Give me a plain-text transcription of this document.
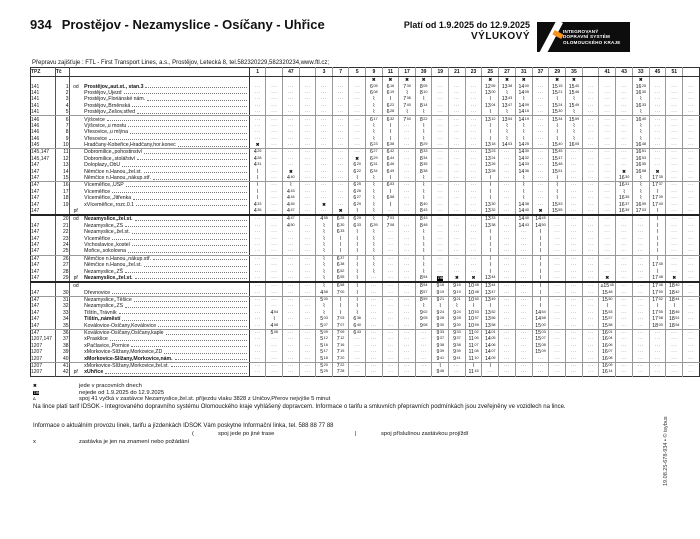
934 Prostějov - Nezamyslice - Osíčany - Uhřice	Platí od 1.9.2025 do 12.9.2025
VÝLUKOVÝ	INTEGROVANÝ
DOPRAVNÍ SYSTÉM
OLOMOUCKÉHO KRAJE
Přepravu zajišťuje : FTL - First Transport Lines, a.s., Prostějov, Letecká 8, tel.582320229,582320234,www.ftl.cz;
TPZ	Tč			1		47		3	7	5	9	11	17	39	19	21	23	25	27	31	37	29	35		41	43	33	45	51	
											✖	✖	✖	✖				✖	✖	✖		✖	✖				✖			
141	1	od	Prostějov,,aut.st., stan.3	···	···	···	···	···	···	···	$6^{05}$	$6^{16}$	$7^{30}$	$8^{05}$	···	···	···	$12^{55}$	$13^{38}$	$14^{00}$	···	$15^{15}$	$15^{40}$	···	···	···	$16^{25}$	···	···	···
141	2		Prostějov,,Újezd	···	···	···	···	···	···	···	$6^{08}$	$6^{19}$	⌇	$8^{10}$	···	···	···	$13^{00}$	⌇	$14^{05}$	···	$15^{21}$	$15^{46}$	···	···	···	$16^{30}$	···	···	···
141	3		Prostějov,,Floriánské nám.	···	···	···	···	···	···	···	⌇	⌇	$7^{36}$	⌇	···	···	···	⌇	$13^{43}$	⌇	···	⌇	⌇	···	···	···	⌇	···	···	···
141	4		Prostějov,,Brněnská	···	···	···	···	···	···	···	⌇	$6^{22}$	$7^{40}$	$8^{14}$	···	···	···	$13^{04}$	$13^{47}$	$14^{09}$	···	$15^{24}$	$15^{49}$	···	···	···	$16^{33}$	···	···	···
141	5		Prostějov,,Žešov,střed	···	···	···	···	···	···	···	⌇	$6^{28}$	⌇	⌇	···	···	···	⌇	⌇	$14^{15}$	···	$15^{30}$	⌇	···	···	···	⌇	···	···	···
146	6		Výšovice	···	···	···	···	···	···	···	$6^{17}$	$6^{32}$	$7^{50}$	$8^{22}$	···	···	···	$13^{12}$	$13^{54}$	$14^{19}$	···	$15^{34}$	$15^{59}$	···	···	···	$16^{40}$	···	···	···
146	7		Výšovice,,u mostu	···	···	···	···	···	···	···	⌇	⌇	···	⌇	···	···	···	⌇	⌇	⌇	···	⌇	⌇	···	···	···	⌇	···	···	···
146	8		Vřesovice,,u mlýna	···	···	···	···	···	···	···	⌇	⌇	···	⌇	···	···	···	⌇	⌇	⌇	···	⌇	⌇	···	···	···	⌇	···	···	···
146	9		Vřesovice	···	···	···	···	···	···	···	⌇	⌇	···	⌇	···	···	···	⌇	⌇	⌇	···	⌇	⌇	···	···	···	⌇	···	···	···
145	10		Hradčany-Kobeřice,Hradčany,hor.konec	✖	···	···	···	···	···	···	$6^{23}$	$6^{38}$	···	$8^{29}$	···	···	···	$13^{18}$	$14^{03}$	$14^{25}$	···	$15^{40}$	$16^{05}$	···	···	···	$16^{48}$	···	···	···
145,147	11		Dobromilice,,pohostinství	$4^{25}$	···	···	···	···	···	···	$6^{27}$	$6^{42}$	···	$8^{33}$	···	···	···	$13^{23}$	···	$14^{30}$	···	$15^{45}$	···	···	···	···	$16^{51}$	···	···	···
145,147	12		Dobromilice,,stolářství	$4^{28}$	···	···	···	···	···	✖	$6^{29}$	$6^{44}$	···	$8^{34}$	···	···	···	$13^{24}$	···	$14^{32}$	···	$15^{47}$	···	···	···	···	$16^{53}$	···	···	···
147	13		Doloplazy,,ObÚ	$4^{31}$	···	···	···	···	···	$6^{20}$	$6^{31}$	$6^{46}$	···	$8^{35}$	···	···	···	$13^{26}$	···	$14^{33}$	···	$15^{48}$	···	···	···	···	$16^{55}$	···	···	···
147	14		Němčice n.Hanou,,žel.st.	⌇	···	✖	···	···	···	$6^{22}$	$6^{34}$	$6^{49}$	···	$8^{38}$	···	···	···	$13^{28}$	···	$14^{36}$	···	$15^{51}$	···	···	···	✖	$16^{58}$	✖	···	···
147	15		Němčice n.Hanou,,nákup.stř.	⌇	···	$4^{40}$	···	···	···	⌇	⌇	⌇	···	⌇	···	···	···	⌇	···	⌇	···	⌇	···	···	···	$16^{30}$	⌇	$17^{35}$	···	···
147	16		Víceměřice,,ÚSP	⌇	···	⌇	···	···	···	$6^{25}$	⌇	$6^{53}$	···	⌇	···	···	···	⌇	···	⌇	···	⌇	···	···	···	$16^{31}$	⌇	$17^{37}$	···	···
147	17		Víceměřice	⌇	···	$4^{43}$	···	···	···	$6^{26}$	⌇	⌇	···	⌇	···	···	···	⌇	···	⌇	···	⌇	···	···	···	⌇	⌇	⌇	···	···
147	18		Víceměřice,,Jitřenka	⌇	···	$4^{44}$	···	···	···	$6^{27}$	⌇	$6^{58}$	···	⌇	···	···	···	⌇	···	⌇	···	⌇	···	···	···	$16^{35}$	⌇	$17^{39}$	···	···
147	19		xVíceměřice,,rozc.0.1	$4^{33}$	···	$4^{45}$	···	✖	···	$6^{29}$	⌇	⌇	···	$8^{40}$	···	···	···	$13^{30}$	···	$14^{38}$	···	$15^{53}$	···	···	···	$16^{37}$	$16^{59}$	$17^{40}$	···	···
147		př		$4^{36}$	···	$4^{47}$	···	···	✖	⌇	⌇	···	···	$8^{43}$	···	···	···	$13^{32}$	···	$14^{40}$	✖	$15^{55}$	···	···	···	$16^{39}$	$17^{03}$	⌇	···	···
	20	od	Nezamyslice,,žel.st.	···	···	$4^{47}$	···	$4^{55}$	$6^{25}$	$6^{29}$	⌇	$7^{03}$	···	$8^{43}$	···	···	···	$13^{33}$	···	$14^{40}$	$14^{45}$	···	···	···	···	···	···	⌇	···	···
147	21		Nezamyslice,,ZŠ	···	···	$4^{50}$	···	⌇	$6^{30}$	$6^{33}$	$6^{39}$	$7^{08}$	···	$8^{48}$	···	···	···	$13^{38}$	···	$14^{43}$	$14^{50}$	···	···	···	···	···	···	⌇	···	···
147	22		Nezamyslice,,žel.st.	···	···	···	···	⌇	$6^{33}$	⌇	⌇	···	···	⌇	···	···	···	⌇	···	···	⌇	···	···	···	···	···	···	⌇	···	···
147	23		Víceměřice	···	···	···	···	⌇	⌇	⌇	⌇	···	···	⌇	···	···	···	⌇	···	···	⌇	···	···	···	···	···	···	⌇	···	···
147	24		Vrchoslavice,,kostel	···	···	···	···	⌇	⌇	⌇	⌇	···	···	⌇	···	···	···	⌇	···	···	⌇	···	···	···	···	···	···	⌇	···	···
147	25		Mořice,,sokolovna	···	···	···	···	⌇	⌇	⌇	⌇	···	···	⌇	···	···	···	⌇	···	···	⌇	···	···	···	···	···	···	⌇	···	···
147	26		Němčice n.Hanou,,nákup.stř.	···	···	···	···	⌇	$6^{37}$	⌇	⌇	···	···	⌇	···	···	···	⌇	···	···	⌇	···	···	···	···	···	···	⌇	···	···
147	27		Němčice n.Hanou,,žel.st.	···	···	···	···	⌇	$6^{38}$	⌇	⌇	···	···	⌇	···	···	···	⌇	···	···	⌇	···	···	···	···	···	···	$17^{45}$	···	···
147	28		Nezamyslice,,ZŠ	···	···	···	···	⌇	$6^{52}$	⌇	⌇	···	···	⌇	···	···	···	⌇	···	···	⌇	···	···	···	···	···	···	⌇	···	···
147	29	př	Nezamyslice,,žel.st.	···	···	···	···	⌇	$6^{55}$	⌇	···	···	···	$8^{54}$	7/5	✖	✖	$13^{44}$	···	···	⌇	···	···	···	✖	···	···	$17^{48}$	✖	···
		od		···	···	···	···	⌇	$6^{58}$	⌇	···	···	···	$8^{54}$	$9^{16}$	$9^{16}$	$10^{45}$	$13^{44}$	···	···	⌇	···	···	···	$\Delta 15^{45}$	···	···	$17^{48}$	$18^{40}$	···
147	30		Dřevnovice	···	···	···	···	$4^{58}$	$7^{00}$	⌇	···	···	···	$8^{57}$	$9^{19}$	$9^{19}$	$10^{48}$	$13^{47}$	···	···	⌇	···	···	···	$15^{48}$	···	···	$17^{50}$	$18^{42}$	···
147	31		Nezamyslice,,Těšice	···	···	···	···	$5^{00}$	⌇	⌇	···	···	···	$8^{59}$	$9^{21}$	$9^{21}$	$10^{50}$	$13^{49}$	···	···	⌇	···	···	···	$15^{50}$	···	···	$17^{52}$	$18^{44}$	···
147	32		Nezamyslice,,ZŠ	···	···	···	···	⌇	⌇	⌇	···	···	···	⌇	⌇	⌇	⌇	⌇	···	···	⌇	···	···	···	⌇	···	···	⌇	⌇	···
147	33		Tištín,,Trávník	···	$4^{54}$	···	···	⌇	⌇	⌇	···	···	···	$9^{02}$	$9^{24}$	$9^{24}$	$10^{53}$	$13^{52}$	···	···	$14^{54}$	···	···	···	$15^{53}$	···	···	$17^{55}$	$18^{46}$	···
147	34		Tištín,,náměstí	···	⌇	···	···	$5^{03}$	$7^{03}$	$6^{36}$	···	···	···	$9^{05}$	$9^{28}$	$9^{28}$	$10^{57}$	$13^{56}$	···	···	$14^{58}$	···	···	···	$15^{57}$	···	···	$17^{58}$	$18^{51}$	···
147	35		Koválovice-Osíčany,Koválovice	···	$4^{58}$	···	···	$5^{07}$	$7^{07}$	$6^{40}$	···	···	···	$9^{08}$	$9^{30}$	$9^{30}$	$10^{59}$	$13^{58}$	···	···	$15^{00}$	···	···	···	$15^{58}$	···	···	$18^{00}$	$18^{54}$	···
147	36		Koválovice-Osíčany,Osíčany,kaple	···	$5^{06}$	···	···	$5^{09}$	$7^{09}$	$6^{43}$	···	···	···	···	$9^{33}$	$9^{33}$	$11^{02}$	$14^{01}$	···	···	$15^{03}$	···	···	···	$16^{01}$	···	···	···	···	···
1207,147	37		xPrasklice	···	···	···	···	$5^{12}$	$7^{12}$	···	···	···	···	···	$9^{37}$	$9^{37}$	$11^{06}$	$14^{05}$	···	···	$15^{07}$	···	···	···	$16^{04}$	···	···	···	···	···
1207	38		xPačlavice,,Pornice	···	···	···	···	$5^{16}$	$7^{16}$	···	···	···	···	···	$9^{38}$	$9^{38}$	$11^{07}$	$14^{06}$	···	···	$15^{08}$	···	···	···	$16^{06}$	···	···	···	···	···
1207	39		xMorkovice-Slížany,Morkovice,ZD	···	···	···	···	$5^{17}$	$7^{19}$	···	···	···	···	···	$9^{39}$	$9^{39}$	$11^{08}$	$14^{07}$	···	···	$15^{09}$	···	···	···	$16^{07}$	···	···	···	···	···
1207	40		xMorkovice-Slížany,Morkovice,nám.	···	···	···	···	$5^{18}$	$7^{20}$	···	···	···	···	···	$9^{41}$	$9^{41}$	$11^{10}$	$14^{09}$	···	···	···	···	···	···	$16^{08}$	···	···	···	···	···
1207	41		xMorkovice-Slížany,Morkovice,žel.st.	···	···	···	···	$5^{20}$	$7^{22}$	···	···	···	···	···	⌇	···	⌇	⌇	···	···	···	···	···	···	$16^{09}$	···	···	···	···	···
1207	42	př	xUhřice	···	···	···	···	$5^{25}$	$7^{28}$	···	···	···	···	···	$9^{46}$	···	$11^{15}$	···	···	···	···	···	···	···	$16^{14}$	···	···	···	···	···
✖	jede v pracovních dnech
7/5	nejede od 1.9.2025 do 12.9.2025
∆	spoj 41 vyčká v zastávce Nezamyslice,žel.st. příjezdu vlaku 3828 z Uničov,Přerov nejvýše 5 minut
Na lince platí tarif IDSOK - Integrovaného dopravního systému Olomouckého kraje vyhlášený dopravcem. Informace o tarifu a smluvních přepravních podmínkách jsou zveřejněny ve vozidlech na lince.
Informace o aktuálním provozu linek, tarifu a jízdenkách IDSOK Vám poskytne Informační linka, tel. 588 88 77 88
(	spoj jede po jiné trase	|	spoj příslušnou zastávkou projíždí
x	zastávka je jen na znamení nebo požádání	19.08.25-678-934 ▪ © isybus
